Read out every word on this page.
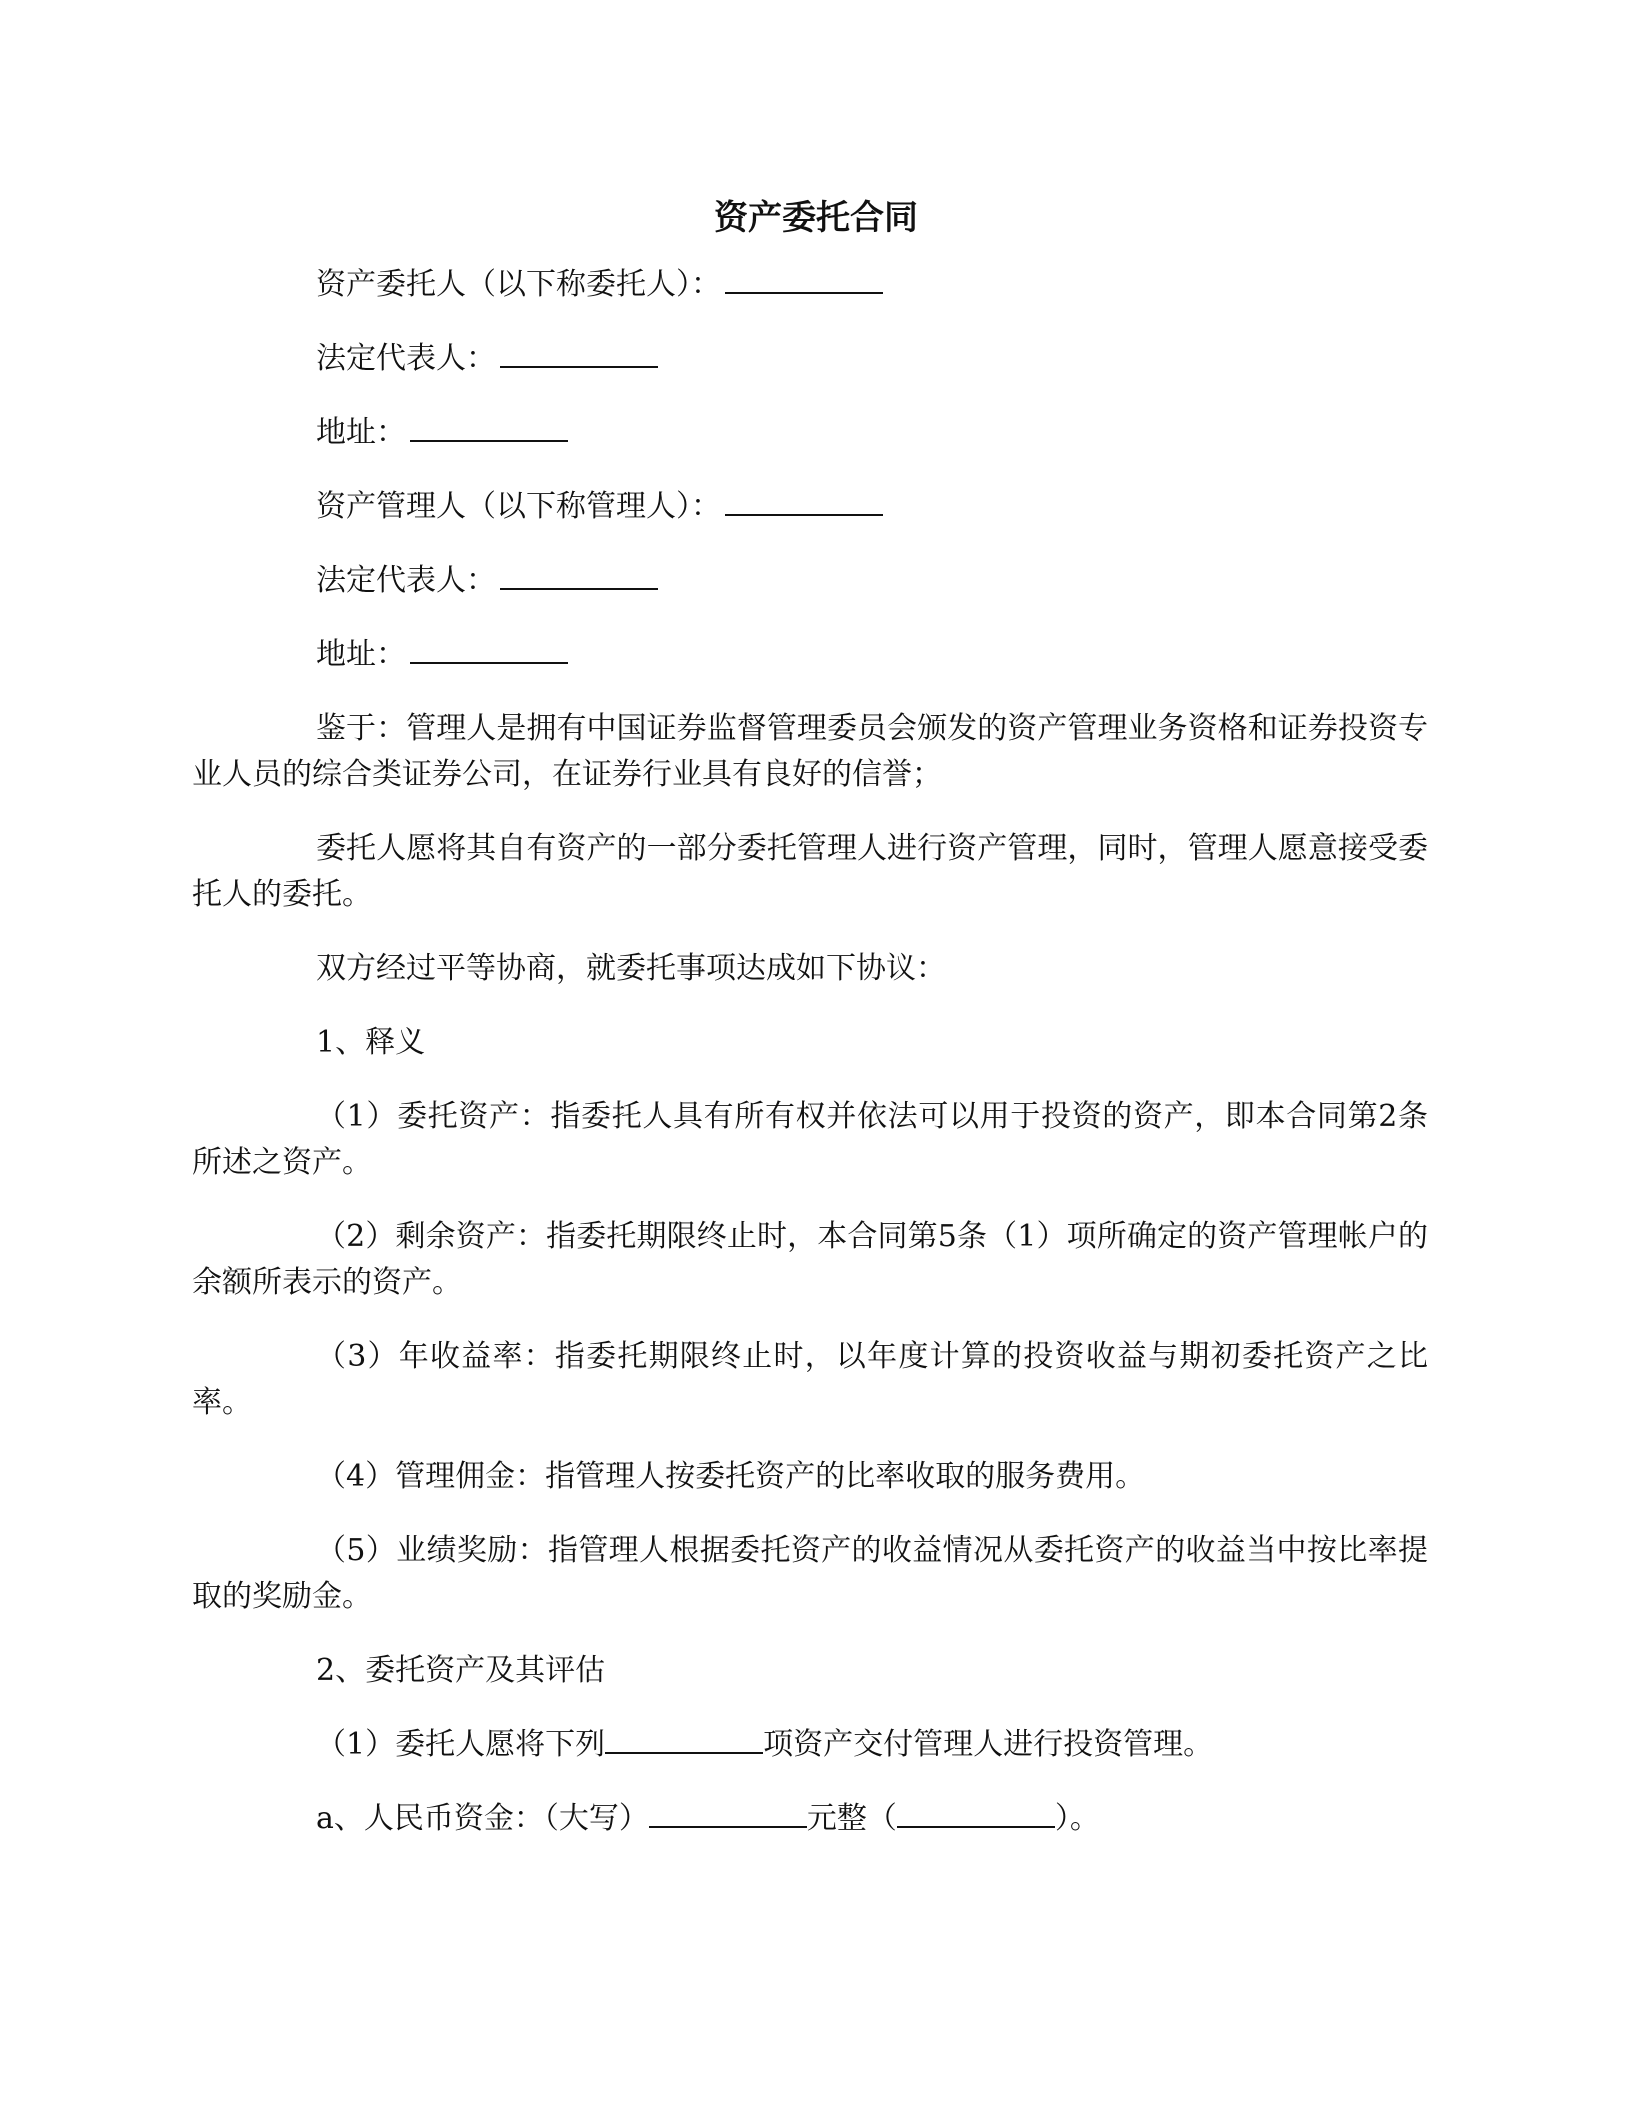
资产委托合同
资产委托人（以下称委托人）：
法定代表人：
地址：
资产管理人（以下称管理人）：
法定代表人：
地址：
鉴于：管理人是拥有中国证券监督管理委员会颁发的资产管理业务资格和证券投资专业人员的综合类证券公司，在证券行业具有良好的信誉；
委托人愿将其自有资产的一部分委托管理人进行资产管理，同时，管理人愿意接受委托人的委托。
双方经过平等协商，就委托事项达成如下协议：
1、释义
（1）委托资产：指委托人具有所有权并依法可以用于投资的资产，即本合同第2条所述之资产。
（2）剩余资产：指委托期限终止时，本合同第5条（1）项所确定的资产管理帐户的余额所表示的资产。
（3）年收益率：指委托期限终止时，以年度计算的投资收益与期初委托资产之比率。
（4）管理佣金：指管理人按委托资产的比率收取的服务费用。
（5）业绩奖励：指管理人根据委托资产的收益情况从委托资产的收益当中按比率提取的奖励金。
2、委托资产及其评估
（1）委托人愿将下列	项资产交付管理人进行投资管理。
a、人民币资金：（大写）	元整（	）。
